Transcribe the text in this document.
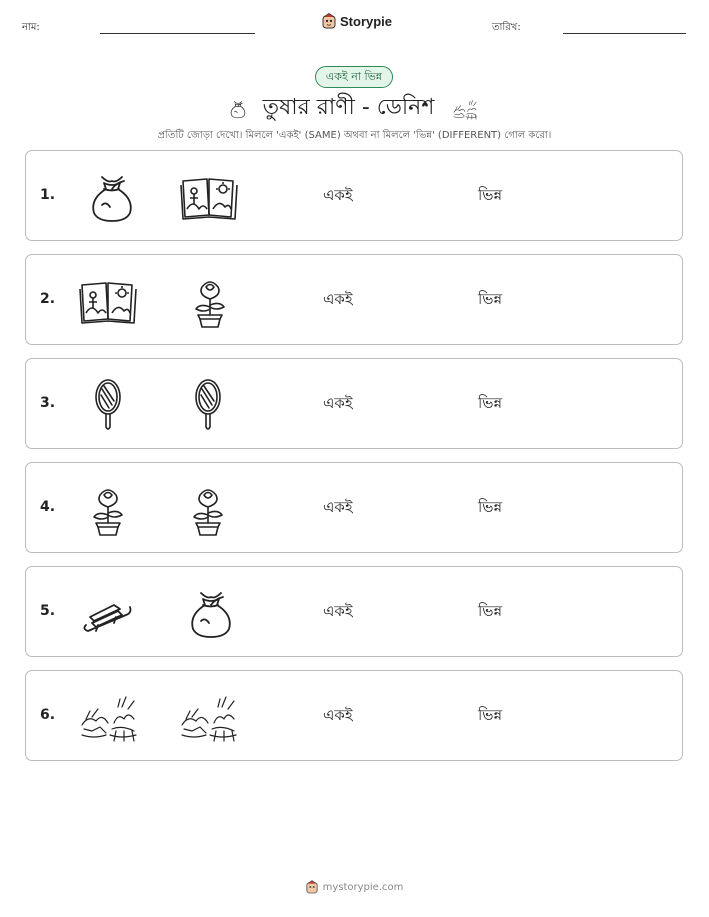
নাম:	Storypie	তারিখ:
একই না ভিন্ন
তুষার রাণী - ডেনিশ
প্রতিটি জোড়া দেখো। মিললে 'একই' (SAME) অথবা না মিললে 'ভিন্ন' (DIFFERENT) গোল করো।
1.	একই	ভিন্ন
2.	একই	ভিন্ন
3.	একই	ভিন্ন
4.	একই	ভিন্ন
5.	একই	ভিন্ন
6.	একই	ভিন্ন
mystorypie.com
